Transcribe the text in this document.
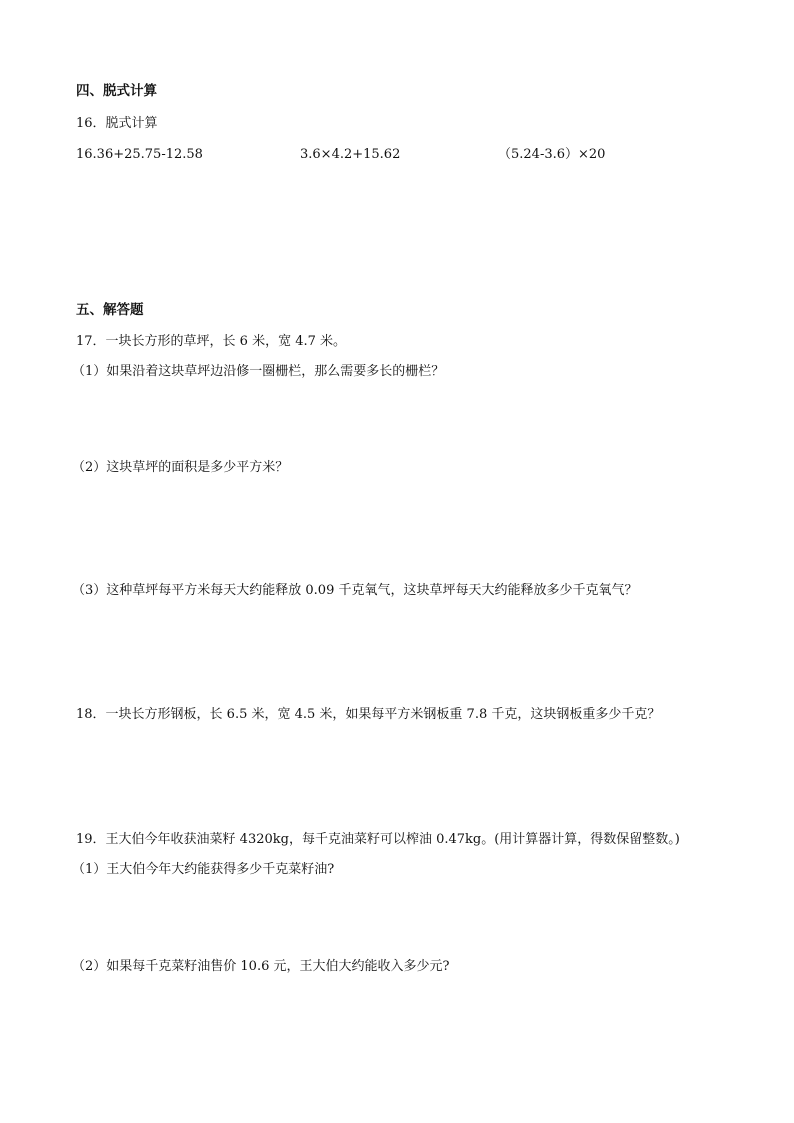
四、脱式计算
16．脱式计算
16.36+25.75-12.58	3.6×4.2+15.62	（5.24-3.6）×20
五、解答题
17．一块长方形的草坪，长 6 米，宽 4.7 米。
（1）如果沿着这块草坪边沿修一圈栅栏，那么需要多长的栅栏？
（2）这块草坪的面积是多少平方米？
（3）这种草坪每平方米每天大约能释放 0.09 千克氧气，这块草坪每天大约能释放多少千克氧气？
18．一块长方形钢板，长 6.5 米，宽 4.5 米，如果每平方米钢板重 7.8 千克，这块钢板重多少千克？
19．王大伯今年收获油菜籽 4320kg，每千克油菜籽可以榨油 0.47kg。(用计算器计算，得数保留整数。)
（1）王大伯今年大约能获得多少千克菜籽油?
（2）如果每千克菜籽油售价 10.6 元，王大伯大约能收入多少元?
